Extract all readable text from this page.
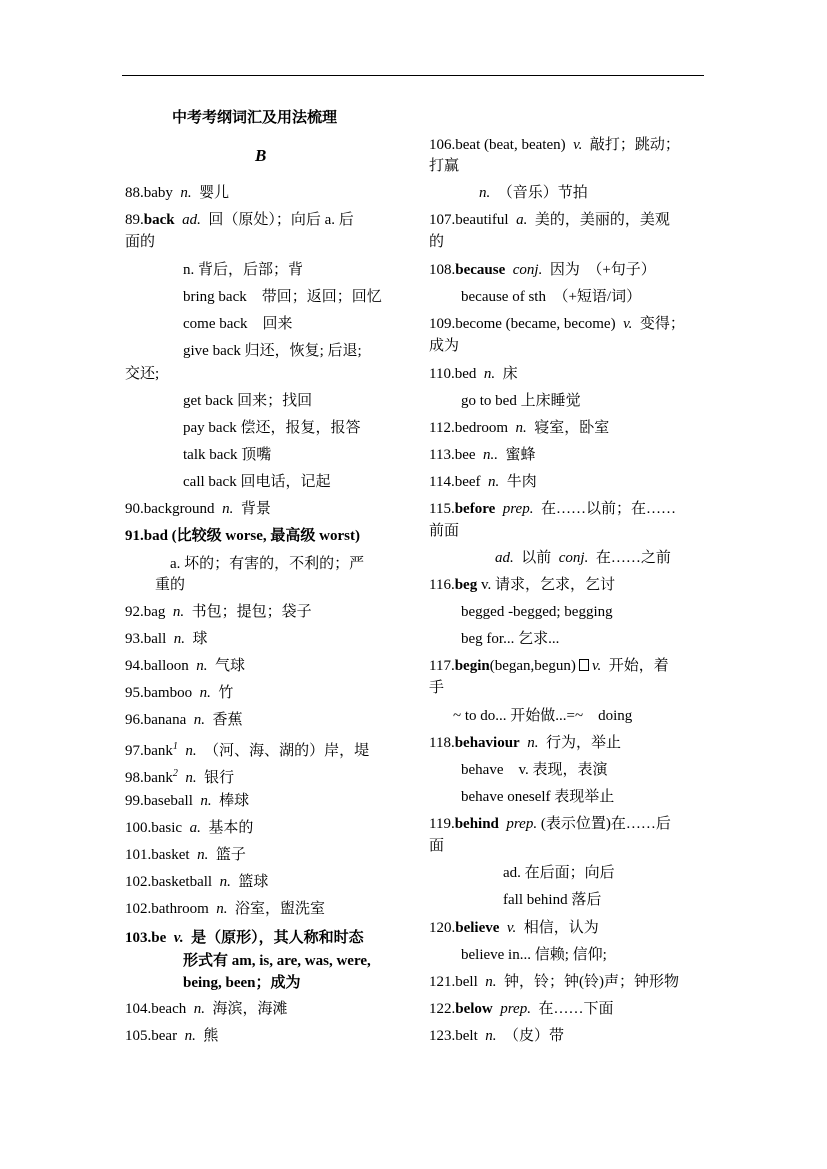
中考考纲词汇及用法梳理
B
88.baby n. 婴儿
89.back ad. 回（原处）；向后 a. 后
面的
n. 背后，后部；背
bring back　带回；返回；回忆
come back　回来
give back 归还，恢复; 后退;
交还;
get back 回来；找回
pay back 偿还，报复，报答
talk back 顶嘴
call back 回电话，记起
90.background n. 背景
91.bad (比较级 worse, 最高级 worst)
a. 坏的；有害的，不利的；严
重的
92.bag n. 书包；提包；袋子
93.ball n. 球
94.balloon n. 气球
95.bamboo n. 竹
96.banana n. 香蕉
97.bank$^1$ n. （河、海、湖的）岸，堤
98.bank$^2$ n. 银行
99.baseball n. 棒球
100.basic a. 基本的
101.basket n. 篮子
102.basketball n. 篮球
102.bathroom n. 浴室，盥洗室
103.be v. 是（原形），其人称和时态
形式有 am, is, are, was, were,
being, been；成为
104.beach n. 海滨，海滩
105.bear n. 熊
106.beat (beat, beaten) v. 敲打；跳动；
打赢
n. （音乐）节拍
107.beautiful a. 美的，美丽的，美观
的
108.because conj. 因为　（+句子）
because of sth　（+短语/词）
109.become (became, become) v. 变得；
成为
110.bed n. 床
go to bed 上床睡觉
112.bedroom n. 寝室，卧室
113.bee n.. 蜜蜂
114.beef n. 牛肉
115.before prep. 在……以前；在……
前面
ad. 以前 conj. 在……之前
116.beg v. 请求，乞求，乞讨
begged -begged; begging
beg for... 乞求...
117.begin(began,begun) v. 开始，着
手
~ to do... 开始做...=~　doing
118.behaviour n. 行为，举止
behave　v. 表现，表演
behave oneself 表现举止
119.behind prep. (表示位置)在……后
面
ad. 在后面；向后
fall behind 落后
120.believe v. 相信，认为
believe in... 信赖; 信仰;
121.bell n. 钟，铃；钟(铃)声；钟形物
122.below prep. 在……下面
123.belt n. （皮）带
